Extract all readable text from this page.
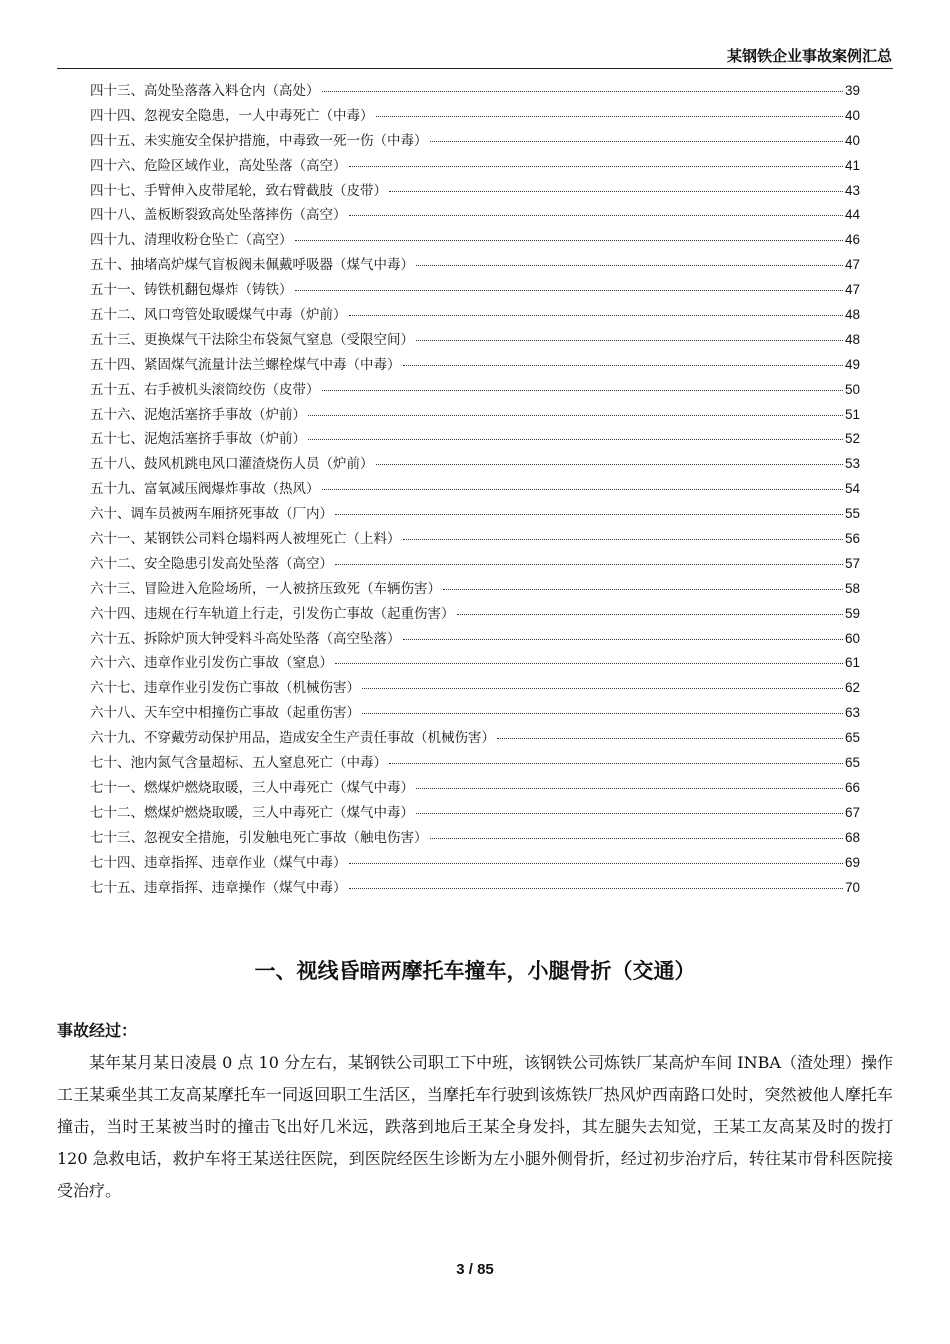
某钢铁企业事故案例汇总
四十三、高处坠落落入料仓内（高处）	39
四十四、忽视安全隐患，一人中毒死亡（中毒）	40
四十五、未实施安全保护措施，中毒致一死一伤（中毒）	40
四十六、危险区域作业，高处坠落（高空）	41
四十七、手臂伸入皮带尾轮，致右臂截肢（皮带）	43
四十八、盖板断裂致高处坠落摔伤（高空）	44
四十九、清理收粉仓坠亡（高空）	46
五十、抽堵高炉煤气盲板阀未佩戴呼吸器（煤气中毒）	47
五十一、铸铁机翻包爆炸（铸铁）	47
五十二、风口弯管处取暖煤气中毒（炉前）	48
五十三、更换煤气干法除尘布袋氮气窒息（受限空间）	48
五十四、紧固煤气流量计法兰螺栓煤气中毒（中毒）	49
五十五、右手被机头滚筒绞伤（皮带）	50
五十六、泥炮活塞挤手事故（炉前）	51
五十七、泥炮活塞挤手事故（炉前）	52
五十八、鼓风机跳电风口灌渣烧伤人员（炉前）	53
五十九、富氧减压阀爆炸事故（热风）	54
六十、调车员被两车厢挤死事故（厂内）	55
六十一、某钢铁公司料仓塌料两人被埋死亡（上料）	56
六十二、安全隐患引发高处坠落（高空）	57
六十三、冒险进入危险场所，一人被挤压致死（车辆伤害）	58
六十四、违规在行车轨道上行走，引发伤亡事故（起重伤害）	59
六十五、拆除炉顶大钟受料斗高处坠落（高空坠落）	60
六十六、违章作业引发伤亡事故（窒息）	61
六十七、违章作业引发伤亡事故（机械伤害）	62
六十八、天车空中相撞伤亡事故（起重伤害）	63
六十九、不穿戴劳动保护用品，造成安全生产责任事故（机械伤害）	65
七十、池内氮气含量超标、五人窒息死亡（中毒）	65
七十一、燃煤炉燃烧取暖，三人中毒死亡（煤气中毒）	66
七十二、燃煤炉燃烧取暖，三人中毒死亡（煤气中毒）	67
七十三、忽视安全措施，引发触电死亡事故（触电伤害）	68
七十四、违章指挥、违章作业（煤气中毒）	69
七十五、违章指挥、违章操作（煤气中毒）	70
一、视线昏暗两摩托车撞车，小腿骨折（交通）
事故经过：

某年某月某日凌晨 0 点 10 分左右，某钢铁公司职工下中班，该钢铁公司炼铁厂某高炉车间 INBA（渣处理）操作工王某乘坐其工友高某摩托车一同返回职工生活区，当摩托车行驶到该炼铁厂热风炉西南路口处时，突然被他人摩托车撞击，当时王某被当时的撞击飞出好几米远，跌落到地后王某全身发抖，其左腿失去知觉，王某工友高某及时的拨打 120 急救电话，救护车将王某送往医院，到医院经医生诊断为左小腿外侧骨折，经过初步治疗后，转往某市骨科医院接受治疗。

3 / 85
